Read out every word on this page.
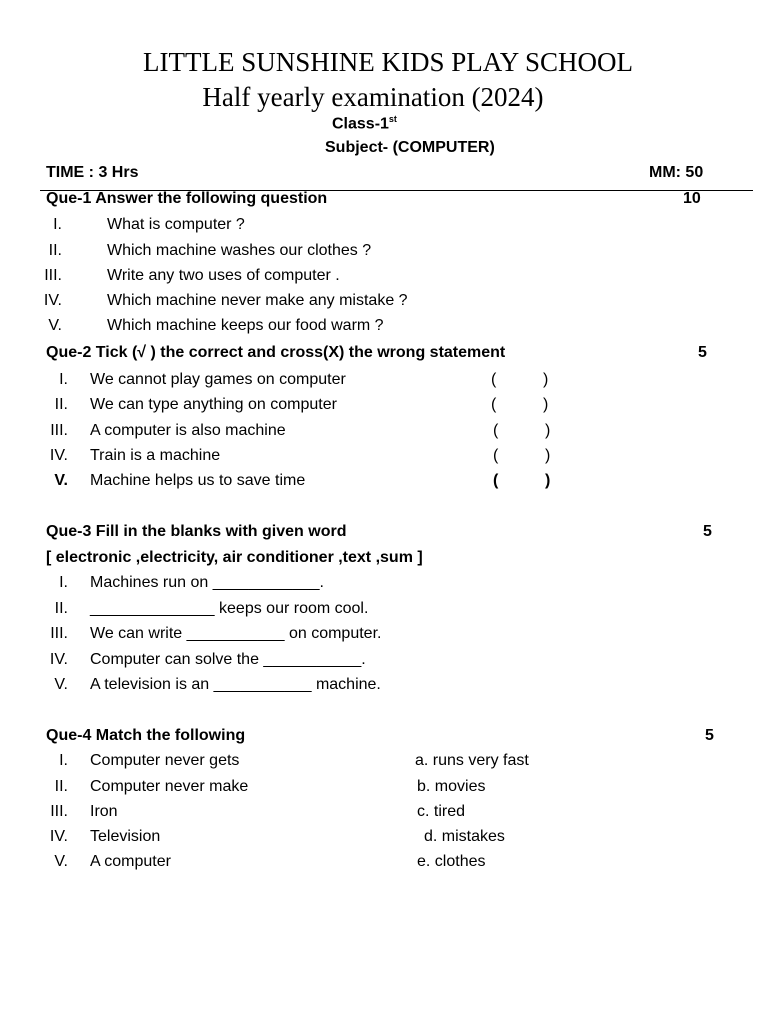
LITTLE SUNSHINE KIDS PLAY SCHOOL
Half yearly examination (2024)
Class-1st
Subject- (COMPUTER)
TIME : 3 Hrs	MM: 50
Que-1 Answer the following question	10
I.	What is computer ?
II.	Which machine washes our clothes ?
III.	Write any two uses of computer .
IV.	Which machine never make any mistake ?
V.	Which machine keeps our food warm ?
Que-2 Tick (√ ) the correct and cross(X) the wrong statement	5
I. We cannot play games on computer	(	)
II. We can type anything on computer	(	)
III. A computer is also machine	(	)
IV. Train is a machine	(	)
V. Machine helps us to save time	(	)
Que-3 Fill in the blanks with given word	5
[ electronic ,electricity, air conditioner ,text ,sum ]
I. Machines run on ____________.
II. ______________ keeps our room cool.
III. We can write ___________ on computer.
IV. Computer can solve the ___________.
V. A television is an ___________ machine.
Que-4 Match the following	5
I. Computer never gets	a. runs very fast
II. Computer never make	b. movies
III. Iron	c. tired
IV. Television	d. mistakes
V. A computer	e. clothes
